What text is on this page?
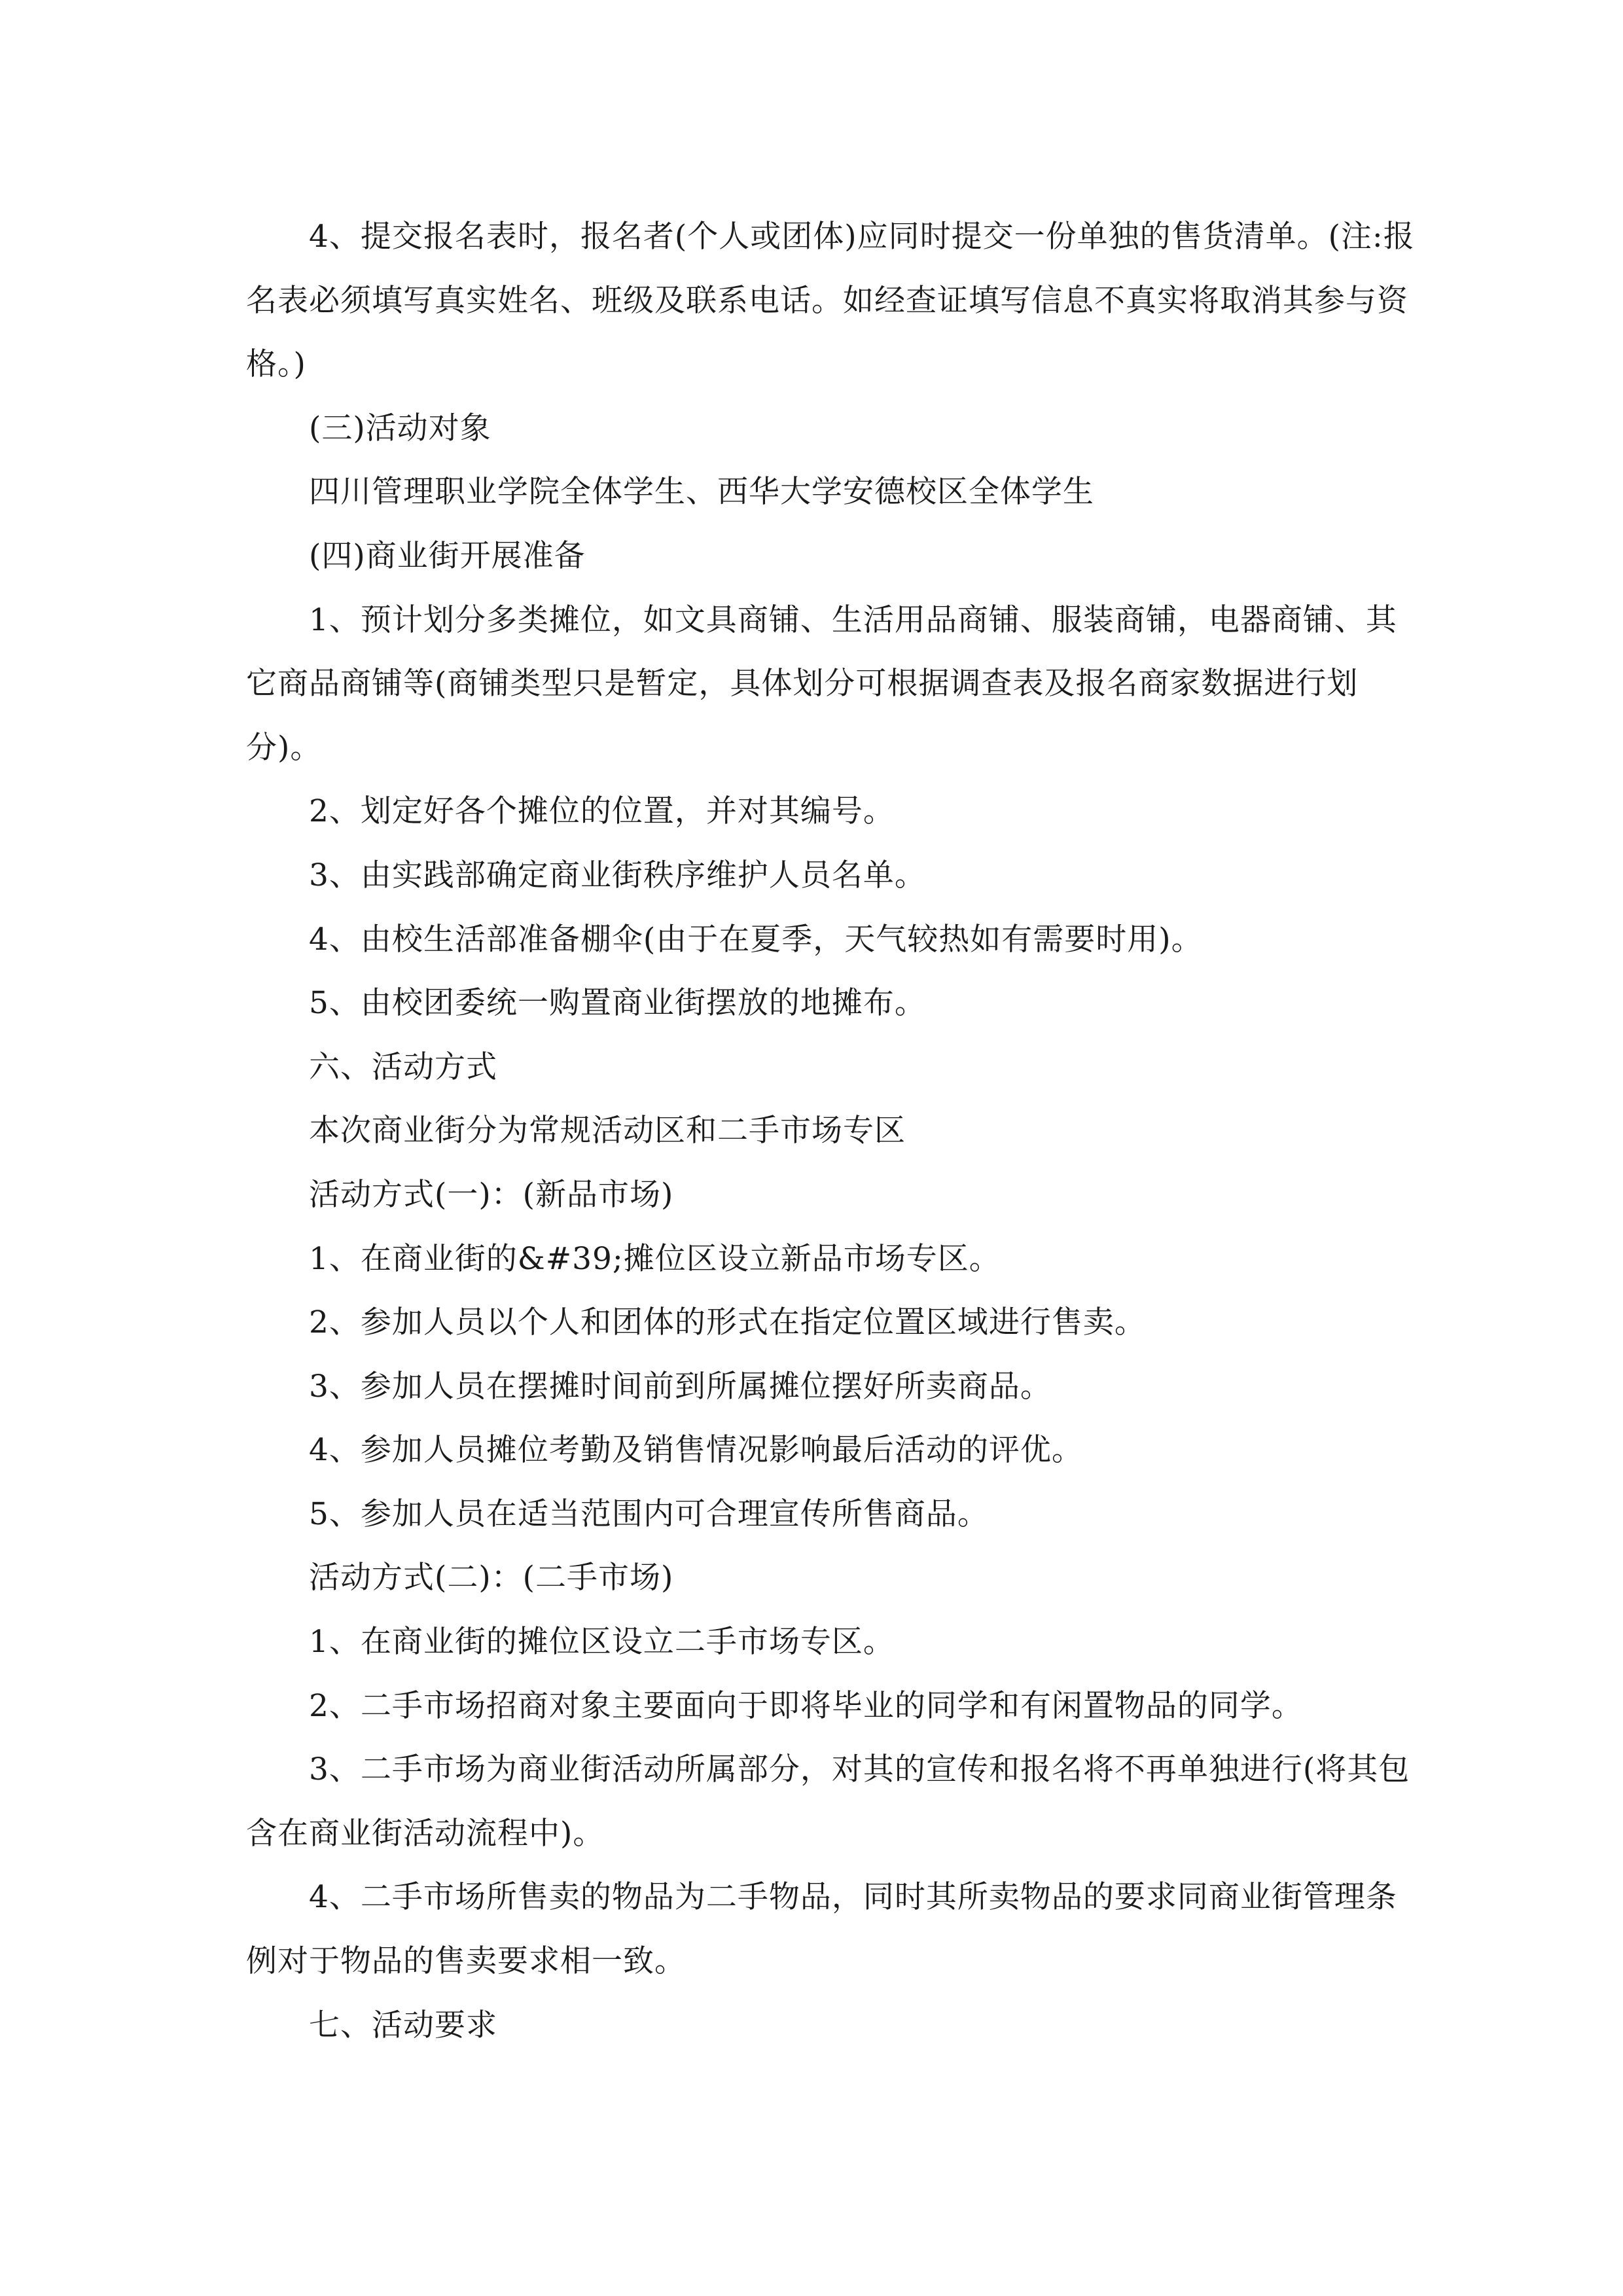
4、提交报名表时，报名者(个人或团体)应同时提交一份单独的售货清单。(注:报名表必须填写真实姓名、班级及联系电话。如经查证填写信息不真实将取消其参与资格。)

(三)活动对象

四川管理职业学院全体学生、西华大学安德校区全体学生

(四)商业街开展准备

1、预计划分多类摊位，如文具商铺、生活用品商铺、服装商铺，电器商铺、其它商品商铺等(商铺类型只是暂定，具体划分可根据调查表及报名商家数据进行划分)。

2、划定好各个摊位的位置，并对其编号。

3、由实践部确定商业街秩序维护人员名单。

4、由校生活部准备棚伞(由于在夏季，天气较热如有需要时用)。

5、由校团委统一购置商业街摆放的地摊布。

六、活动方式

本次商业街分为常规活动区和二手市场专区

活动方式(一)：(新品市场)

1、在商业街的&#39;摊位区设立新品市场专区。

2、参加人员以个人和团体的形式在指定位置区域进行售卖。

3、参加人员在摆摊时间前到所属摊位摆好所卖商品。

4、参加人员摊位考勤及销售情况影响最后活动的评优。

5、参加人员在适当范围内可合理宣传所售商品。

活动方式(二)：(二手市场)

1、在商业街的摊位区设立二手市场专区。

2、二手市场招商对象主要面向于即将毕业的同学和有闲置物品的同学。

3、二手市场为商业街活动所属部分，对其的宣传和报名将不再单独进行(将其包含在商业街活动流程中)。

4、二手市场所售卖的物品为二手物品，同时其所卖物品的要求同商业街管理条例对于物品的售卖要求相一致。

七、活动要求
